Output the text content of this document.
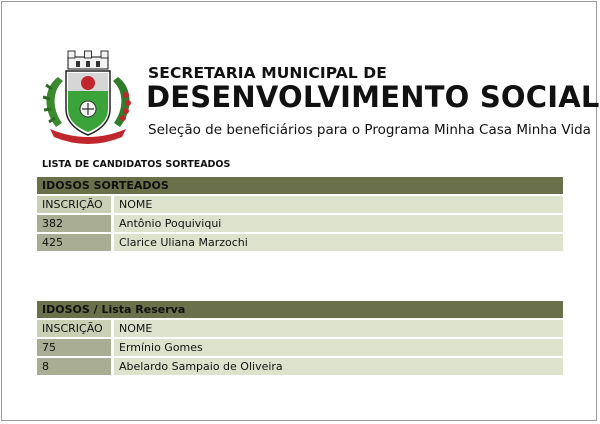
SECRETARIA MUNICIPAL DE
DESENVOLVIMENTO SOCIAL
Seleção de beneficiários para o Programa Minha Casa Minha Vida
LISTA DE CANDIDATOS SORTEADOS
IDOSOS SORTEADOS
INSCRIÇÃO	NOME
382	Antônio Poquiviqui
425	Clarice Uliana Marzochi
IDOSOS / Lista Reserva
INSCRIÇÃO	NOME
75	Ermínio Gomes
8	Abelardo Sampaio de Oliveira
